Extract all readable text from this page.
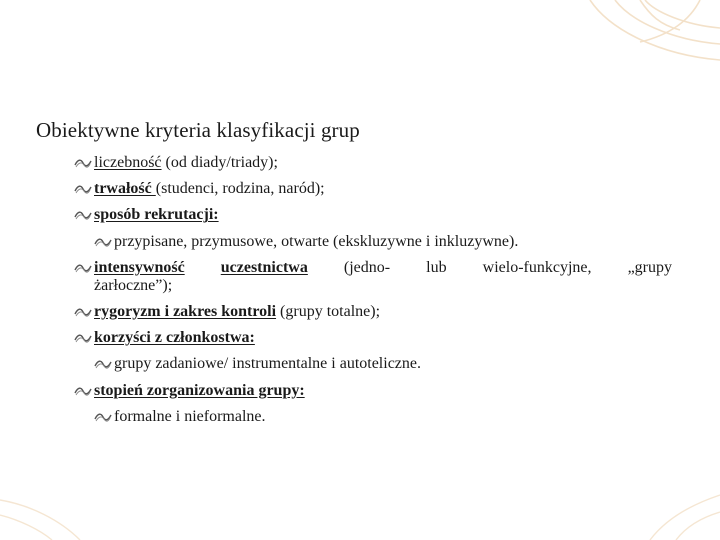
Obiektywne kryteria klasyfikacji grup
liczebność (od diady/triady);
trwałość (studenci, rodzina, naród);
sposób rekrutacji:
przypisane, przymusowe, otwarte (ekskluzywne i inkluzywne).
intensywność uczestnictwa (jedno- lub wielo-funkcyjne, „grupy
żarłoczne”);
rygoryzm i zakres kontroli (grupy totalne);
korzyści z członkostwa:
grupy zadaniowe/ instrumentalne i autoteliczne.
stopień zorganizowania grupy:
formalne i nieformalne.
